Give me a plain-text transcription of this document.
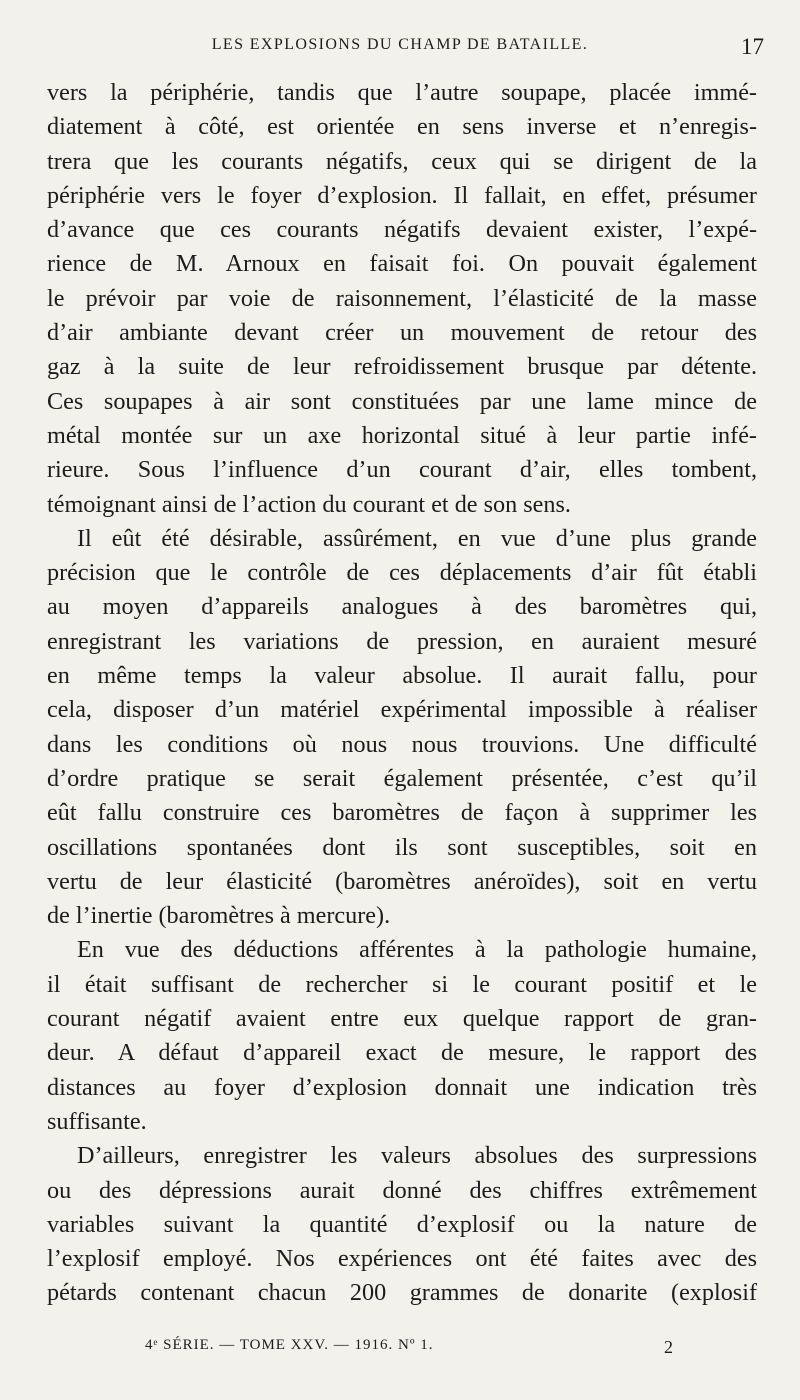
LES EXPLOSIONS DU CHAMP DE BATAILLE.	17
vers la périphérie, tandis que l’autre soupape, placée immé-
diatement à côté, est orientée en sens inverse et n’enregis-
trera que les courants négatifs, ceux qui se dirigent de la
périphérie vers le foyer d’explosion. Il fallait, en effet, présumer
d’avance que ces courants négatifs devaient exister, l’expé-
rience de M. Arnoux en faisait foi. On pouvait également
le prévoir par voie de raisonnement, l’élasticité de la masse
d’air ambiante devant créer un mouvement de retour des
gaz à la suite de leur refroidissement brusque par détente.
Ces soupapes à air sont constituées par une lame mince de
métal montée sur un axe horizontal situé à leur partie infé-
rieure. Sous l’influence d’un courant d’air, elles tombent,
témoignant ainsi de l’action du courant et de son sens.
Il eût été désirable, assûrément, en vue d’une plus grande
précision que le contrôle de ces déplacements d’air fût établi
au moyen d’appareils analogues à des baromètres qui,
enregistrant les variations de pression, en auraient mesuré
en même temps la valeur absolue. Il aurait fallu, pour
cela, disposer d’un matériel expérimental impossible à réaliser
dans les conditions où nous nous trouvions. Une difficulté
d’ordre pratique se serait également présentée, c’est qu’il
eût fallu construire ces baromètres de façon à supprimer les
oscillations spontanées dont ils sont susceptibles, soit en
vertu de leur élasticité (baromètres anéroïdes), soit en vertu
de l’inertie (baromètres à mercure).
En vue des déductions afférentes à la pathologie humaine,
il était suffisant de rechercher si le courant positif et le
courant négatif avaient entre eux quelque rapport de gran-
deur. A défaut d’appareil exact de mesure, le rapport des
distances au foyer d’explosion donnait une indication très
suffisante.
D’ailleurs, enregistrer les valeurs absolues des surpressions
ou des dépressions aurait donné des chiffres extrêmement
variables suivant la quantité d’explosif ou la nature de
l’explosif employé. Nos expériences ont été faites avec des
pétards contenant chacun 200 grammes de donarite (explosif
4ᵉ SÉRIE. — TOME XXV. — 1916. Nº 1.	2
